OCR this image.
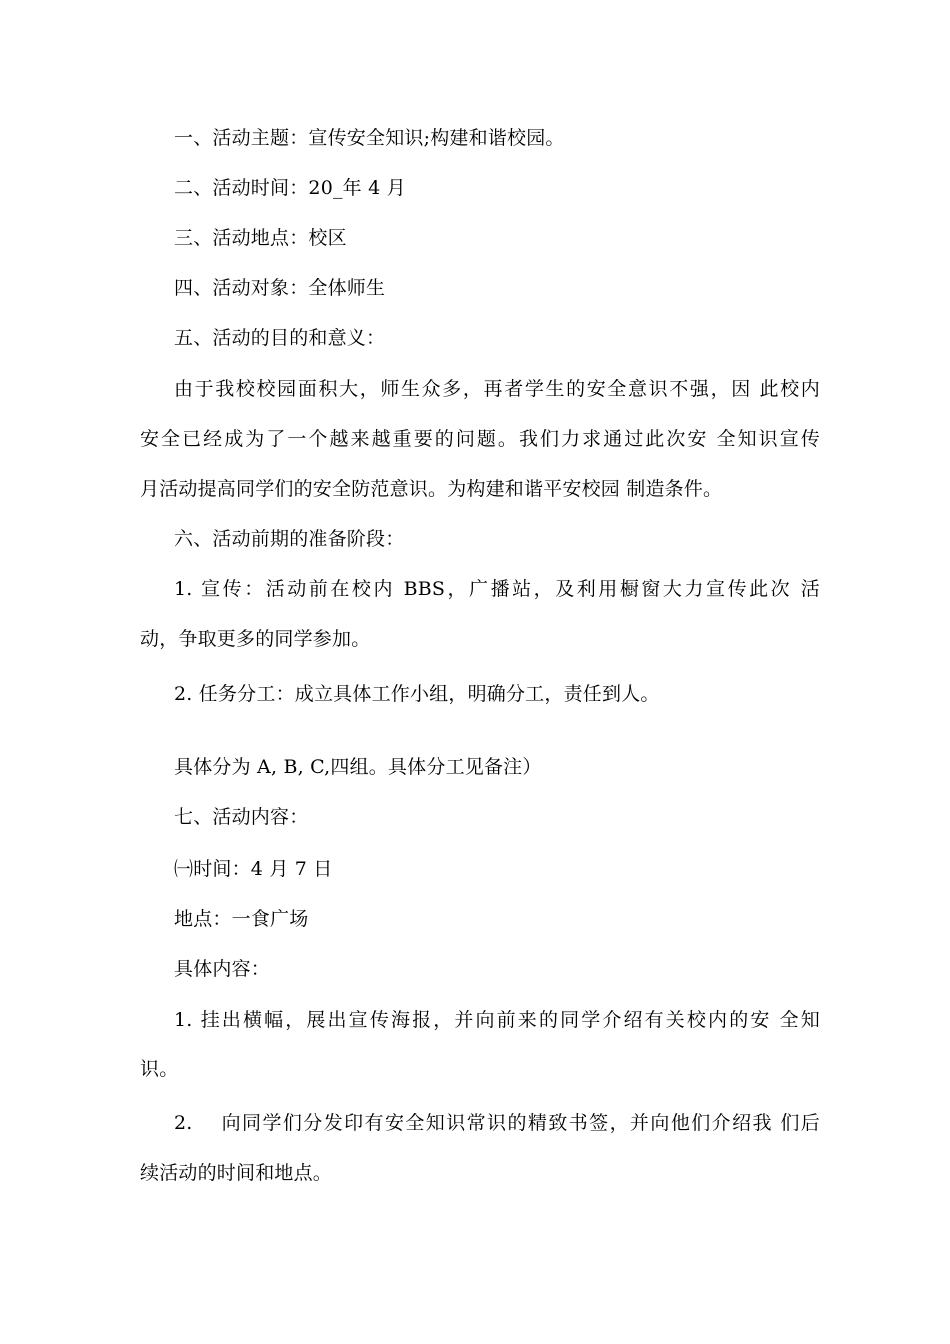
一、活动主题：宣传安全知识;构建和谐校园。
二、活动时间：20_年 4 月
三、活动地点：校区
四、活动对象：全体师生
五、活动的目的和意义：
由于我校校园面积大，师生众多，再者学生的安全意识不强，因 此校内
安全已经成为了一个越来越重要的问题。我们力求通过此次安 全知识宣传
月活动提高同学们的安全防范意识。为构建和谐平安校园 制造条件。
六、活动前期的准备阶段：
1. 宣传：活动前在校内 BBS，广播站，及利用橱窗大力宣传此次 活
动，争取更多的同学参加。
2. 任务分工：成立具体工作小组，明确分工，责任到人。
具体分为 A, B, C,四组。具体分工见备注）
七、活动内容：
㈠时间：4 月 7 日
地点：一食广场
具体内容：
1. 挂出横幅，展出宣传海报，并向前来的同学介绍有关校内的安 全知
识。
2.　 向同学们分发印有安全知识常识的精致书签，并向他们介绍我 们后
续活动的时间和地点。
